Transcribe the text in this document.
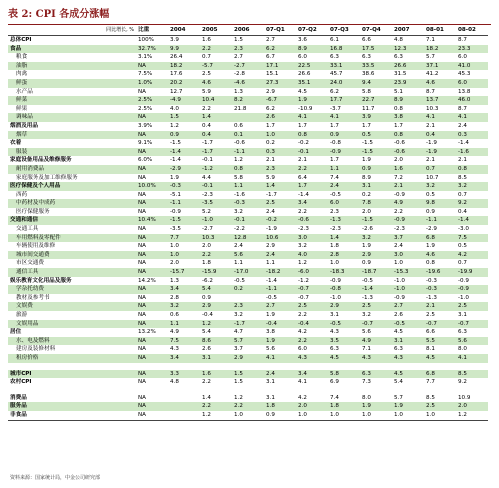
表 2: CPI 各成分涨幅
同比增长, %	比重	2004	2005	2006	07-Q1	07-Q2	07-Q3	07-Q4	2007	08-01	08-02
总体CPI	100%	3.9	1.6	1.5	2.7	3.6	6.1	6.6	4.8	7.1	8.7
食品	32.7%	9.9	2.2	2.3	6.2	8.9	16.8	17.5	12.3	18.2	23.3
粮食	3.1%	26.4	0.7	2.7	6.7	6.0	6.3	6.3	6.3	5.7	6.0
油脂	NA	18.2	-5.7	-2.7	17.1	22.5	33.1	33.5	26.6	37.1	41.0
肉禽	7.5%	17.6	2.5	-2.8	15.1	26.6	45.7	38.6	31.5	41.2	45.3
鲜蛋	1.0%	20.2	4.6	-4.6	27.3	35.1	24.0	9.4	23.9	4.6	6.0
水产品	NA	12.7	5.9	1.3	2.9	4.5	6.2	5.8	5.1	8.7	13.8
鲜菜	2.5%	-4.9	10.4	8.2	-6.7	1.9	17.7	22.7	8.9	13.7	46.0
鲜果	2.5%	4.0	2.2	21.8	6.2	-10.9	-3.7	11.7	0.8	10.3	8.7
调味品	NA	1.5	1.4		2.6	4.1	4.1	3.9	3.8	4.1	4.1
烟酒及用品	3.9%	1.2	0.4	0.6	1.7	1.7	1.7	1.7	1.7	2.1	2.4
烟草	NA	0.9	0.4	0.1	1.0	0.8	0.9	0.5	0.8	0.4	0.3
衣着	9.1%	-1.5	-1.7	-0.6	0.2	-0.2	-0.8	-1.5	-0.6	-1.9	-1.4
服装	NA	-1.4	-1.7	-1.1	0.3	-0.1	-0.9	-1.5	-0.6	-1.9	-1.6
家庭设备用品及维修服务	6.0%	-1.4	-0.1	1.2	2.1	2.1	1.7	1.9	2.0	2.1	2.1
耐用消费品	NA	-2.9	-1.2	0.8	2.3	2.2	1.1	0.9	1.6	0.7	0.8
家庭服务及加工维修服务	NA	1.9	4.4	5.8	5.9	6.4	7.4	8.9	7.2	10.7	8.5
医疗保健及个人用品	10.0%	-0.3	-0.1	1.1	1.4	1.7	2.4	3.1	2.1	3.2	3.2
西药	NA	-5.1	-2.3	-1.6	-1.7	-1.4	-0.5	0.2	-0.9	0.5	0.7
中药材及中成药	NA	-1.1	-3.5	-0.3	2.5	3.4	6.0	7.8	4.9	9.8	9.2
医疗保健服务	NA	-0.9	5.2	3.2	2.4	2.2	2.3	2.0	2.2	0.9	0.4
交通和通信	10.4%	-1.5	-1.0	-0.1	-0.2	-0.6	-1.3	-1.5	-0.9	-1.1	-1.4
交通工具	NA	-3.5	-2.7	-2.2	-1.9	-2.3	-2.3	-2.6	-2.3	-2.9	-3.0
车用燃料及零配件	NA	7.7	10.3	12.8	10.6	3.0	1.4	3.2	3.7	6.8	7.5
车辆使用及维修	NA	1.0	2.0	2.4	2.9	3.2	1.8	1.9	2.4	1.9	0.5
城市间交通费	NA	1.0	2.2	5.6	2.4	4.0	2.8	2.9	3.0	4.6	4.2
市区交通费	NA	2.0	1.8	1.1	1.1	1.2	1.0	0.9	1.0	0.8	0.7
通信工具	NA	-15.7	-15.9	-17.0	-18.2	-6.0	-18.3	-18.7	-15.3	-19.6	-19.9
娱乐教育文化用品及服务	14.2%	1.3	-6.2	-0.5	-1.4	-1.2	-0.9	-0.5	-1.0	-0.3	-0.9
学杂托幼费	NA	3.4	5.4	0.2	-1.1	-0.7	-0.8	-1.4	-1.0	-0.3	-0.9
教材及参考书	NA	2.8	0.9		-0.5	-0.7	-1.0	-1.3	-0.9	-1.3	-1.0
文娱费	NA	3.2	2.9	2.3	2.7	2.5	2.9	2.5	2.7	2.1	2.5
旅游	NA	0.6	-0.4	3.2	1.9	2.2	3.1	3.2	2.6	2.5	3.1
文娱用品	NA	1.1	1.2	-1.7	-0.4	-0.4	-0.5	-0.7	-0.5	-0.7	-0.7
居住	13.2%	4.9	5.4	4.7	3.8	4.2	4.3	5.6	4.5	6.6	6.3
水、电及燃料	NA	7.5	8.6	5.7	1.9	2.2	3.5	4.9	3.1	5.5	5.6
建房及装修材料	NA	4.3	2.6	3.7	5.6	6.0	6.3	7.1	6.3	8.1	8.0
租房价格	NA	3.4	3.1	2.9	4.1	4.3	4.5	4.3	4.3	4.5	4.1

城市CPI	NA	3.3	1.6	1.5	2.4	3.4	5.8	6.3	4.5	6.8	8.5
农村CPI	NA	4.8	2.2	1.5	3.1	4.1	6.9	7.3	5.4	7.7	9.2

消费品	NA		1.4	1.2	3.1	4.2	7.4	8.0	5.7	8.5	10.9
服务品	NA		2.2	2.2	1.8	2.0	1.8	1.9	1.9	2.5	2.0
非食品	NA		1.2	1.0	0.9	1.0	1.0	1.0	1.0	1.0	1.2
资料来源：国家统计局，中金公司研究部
